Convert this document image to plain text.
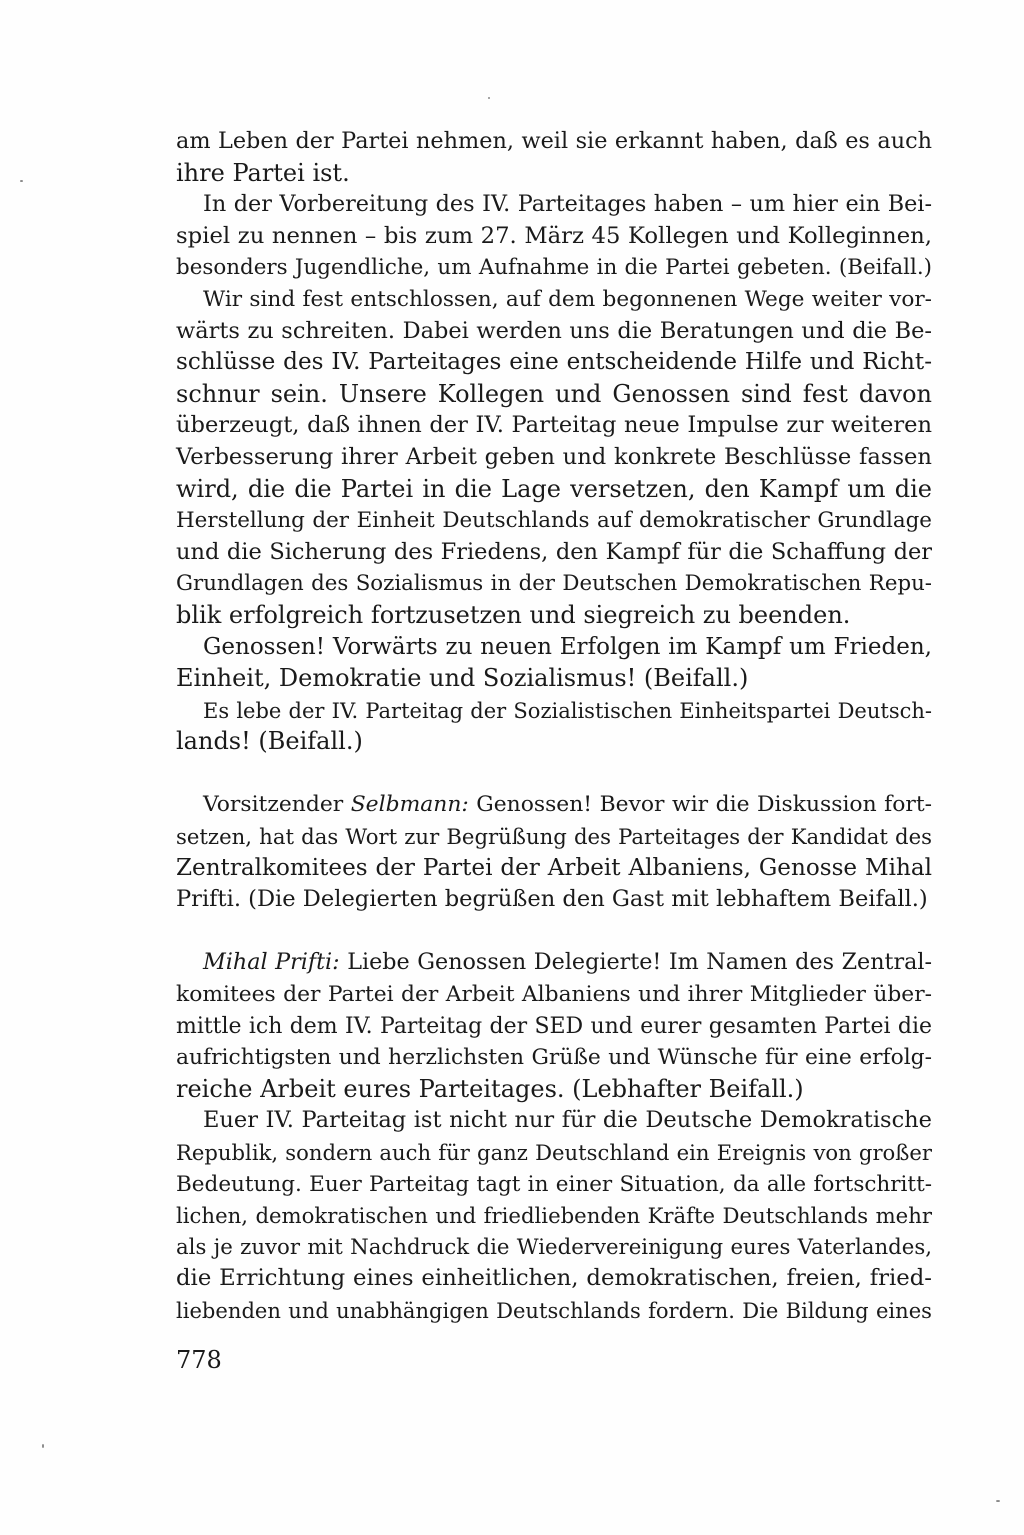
am Leben der Partei nehmen, weil sie erkannt haben, daß es auch
ihre Partei ist.
In der Vorbereitung des IV. Parteitages haben – um hier ein Bei-
spiel zu nennen – bis zum 27. März 45 Kollegen und Kolleginnen,
besonders Jugendliche, um Aufnahme in die Partei gebeten. (Beifall.)
Wir sind fest entschlossen, auf dem begonnenen Wege weiter vor-
wärts zu schreiten. Dabei werden uns die Beratungen und die Be-
schlüsse des IV. Parteitages eine entscheidende Hilfe und Richt-
schnur sein. Unsere Kollegen und Genossen sind fest davon
überzeugt, daß ihnen der IV. Parteitag neue Impulse zur weiteren
Verbesserung ihrer Arbeit geben und konkrete Beschlüsse fassen
wird, die die Partei in die Lage versetzen, den Kampf um die
Herstellung der Einheit Deutschlands auf demokratischer Grundlage
und die Sicherung des Friedens, den Kampf für die Schaffung der
Grundlagen des Sozialismus in der Deutschen Demokratischen Repu-
blik erfolgreich fortzusetzen und siegreich zu beenden.
Genossen! Vorwärts zu neuen Erfolgen im Kampf um Frieden,
Einheit, Demokratie und Sozialismus! (Beifall.)
Es lebe der IV. Parteitag der Sozialistischen Einheitspartei Deutsch-
lands! (Beifall.)
Vorsitzender Selbmann: Genossen! Bevor wir die Diskussion fort-
setzen, hat das Wort zur Begrüßung des Parteitages der Kandidat des
Zentralkomitees der Partei der Arbeit Albaniens, Genosse Mihal
Prifti. (Die Delegierten begrüßen den Gast mit lebhaftem Beifall.)
Mihal Prifti: Liebe Genossen Delegierte! Im Namen des Zentral-
komitees der Partei der Arbeit Albaniens und ihrer Mitglieder über-
mittle ich dem IV. Parteitag der SED und eurer gesamten Partei die
aufrichtigsten und herzlichsten Grüße und Wünsche für eine erfolg-
reiche Arbeit eures Parteitages. (Lebhafter Beifall.)
Euer IV. Parteitag ist nicht nur für die Deutsche Demokratische
Republik, sondern auch für ganz Deutschland ein Ereignis von großer
Bedeutung. Euer Parteitag tagt in einer Situation, da alle fortschritt-
lichen, demokratischen und friedliebenden Kräfte Deutschlands mehr
als je zuvor mit Nachdruck die Wiedervereinigung eures Vaterlandes,
die Errichtung eines einheitlichen, demokratischen, freien, fried-
liebenden und unabhängigen Deutschlands fordern. Die Bildung eines
778
